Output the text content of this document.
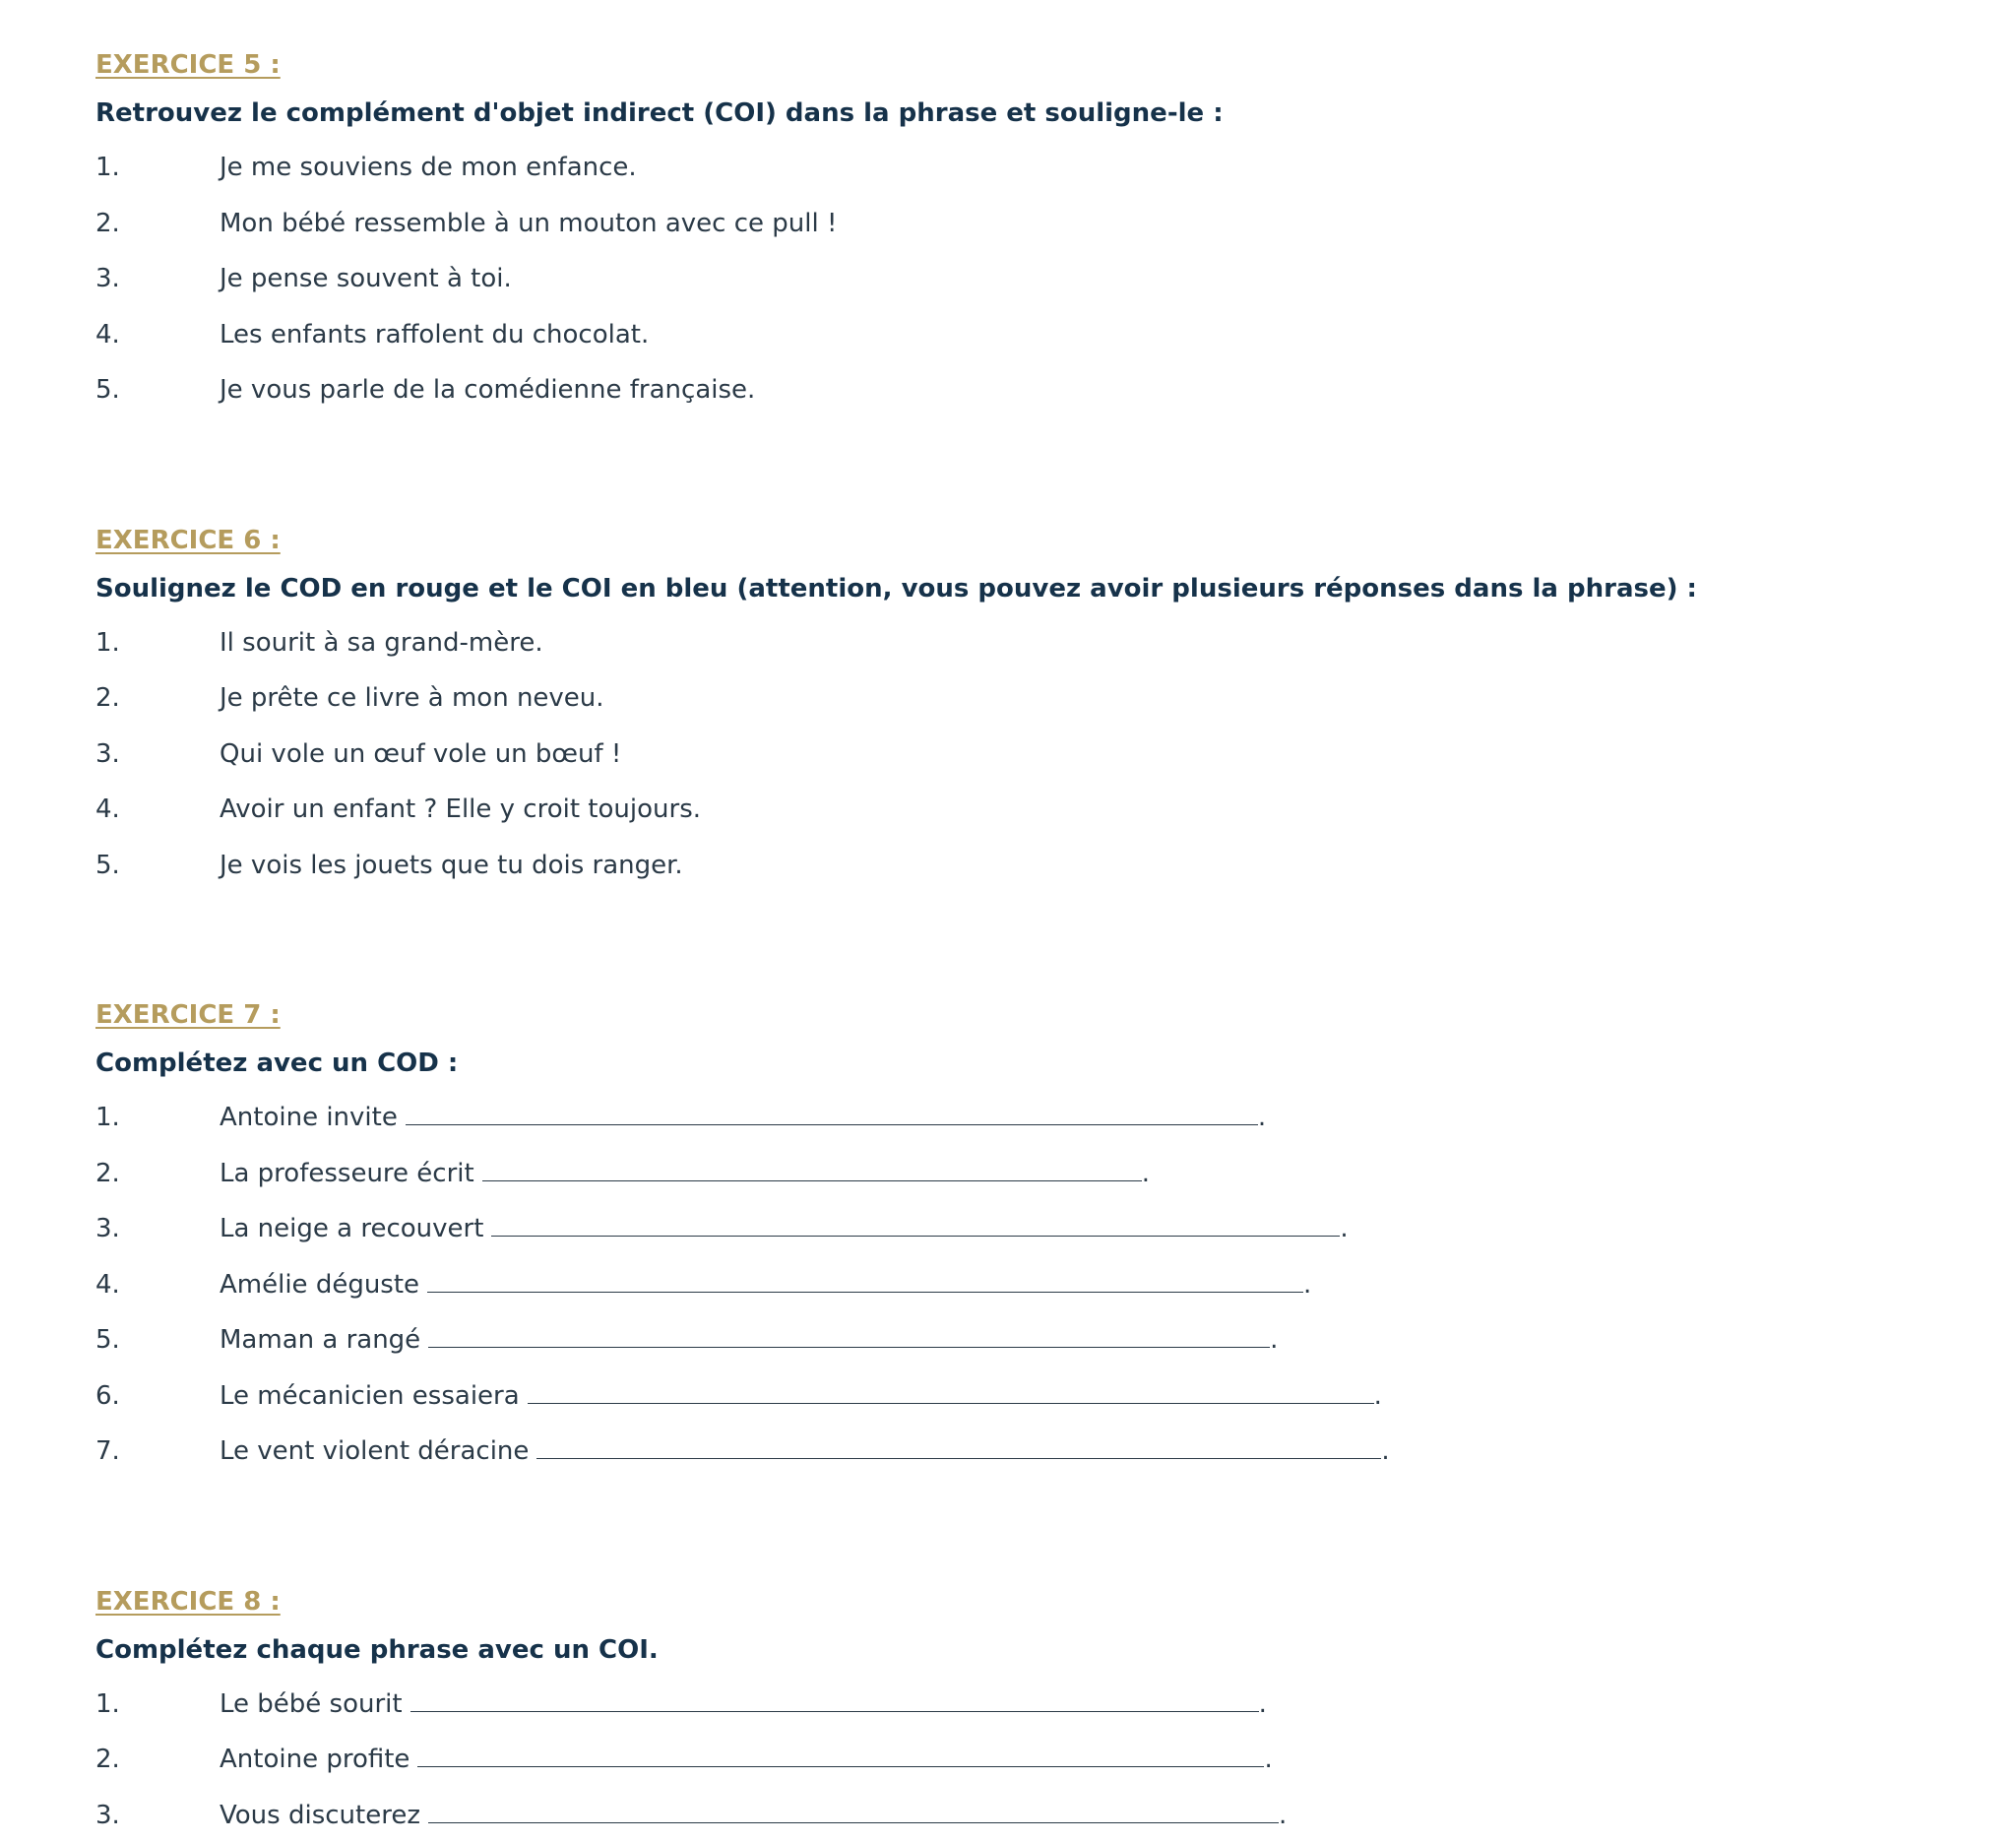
EXERCICE 5 :

Retrouvez le complément d'objet indirect (COI) dans la phrase et souligne-le :

1.	Je me souviens de mon enfance.
2.	Mon bébé ressemble à un mouton avec ce pull !
3.	Je pense souvent à toi.
4.	Les enfants raffolent du chocolat.
5.	Je vous parle de la comédienne française.
EXERCICE 6 :

Soulignez le COD en rouge et le COI en bleu (attention, vous pouvez avoir plusieurs réponses dans la phrase) :

1.	Il sourit à sa grand-mère.
2.	Je prête ce livre à mon neveu.
3.	Qui vole un œuf vole un bœuf !
4.	Avoir un enfant ? Elle y croit toujours.
5.	Je vois les jouets que tu dois ranger.
EXERCICE 7 :

Complétez avec un COD :

1.	Antoine invite	.
2.	La professeure écrit	.
3.	La neige a recouvert	.
4.	Amélie déguste	.
5.	Maman a rangé	.
6.	Le mécanicien essaiera	.
7.	Le vent violent déracine	.
EXERCICE 8 :

Complétez chaque phrase avec un COI.

1.	Le bébé sourit	.
2.	Antoine profite	.
3.	Vous discuterez	.
